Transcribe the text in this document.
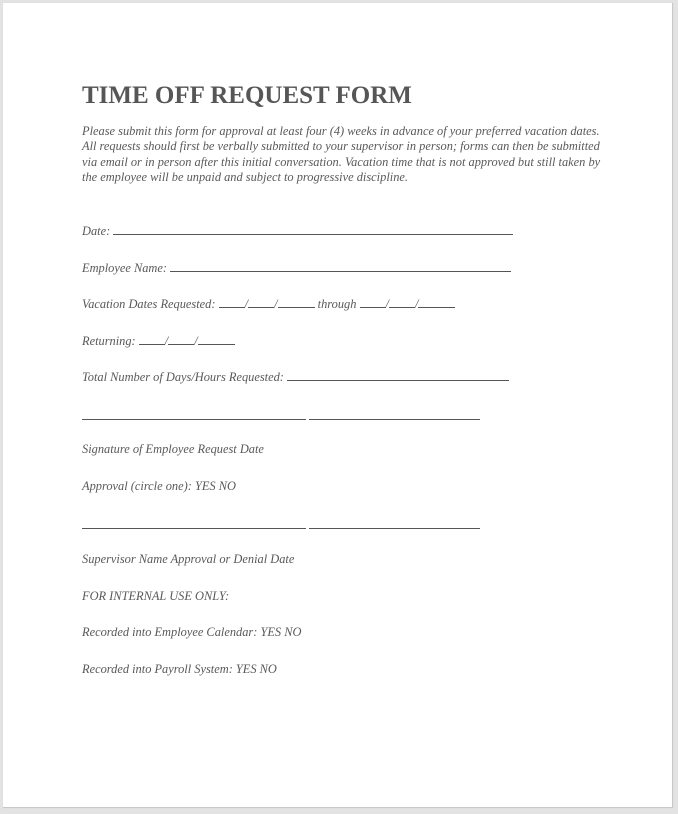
TIME OFF REQUEST FORM

Please submit this form for approval at least four (4) weeks in advance of your preferred vacation dates. All requests should first be verbally submitted to your supervisor in person; forms can then be submitted via email or in person after this initial conversation. Vacation time that is not approved but still taken by the employee will be unpaid and subject to progressive discipline.

Date:
Employee Name:
Vacation Dates Requested: / /	through / /
Returning: / /
Total Number of Days/Hours Requested:
Signature of Employee Request Date
Approval (circle one): YES NO
Supervisor Name Approval or Denial Date
FOR INTERNAL USE ONLY:
Recorded into Employee Calendar: YES NO
Recorded into Payroll System: YES NO
